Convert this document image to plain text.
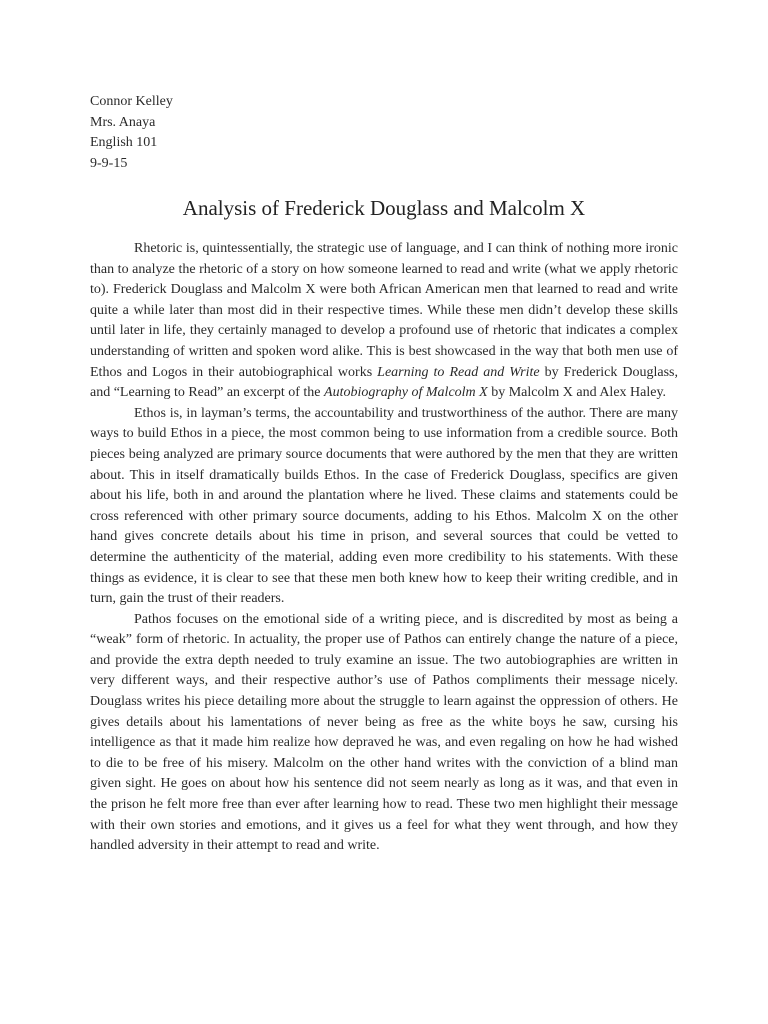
Connor Kelley

Mrs. Anaya

English 101

9-9-15

Analysis of Frederick Douglass and Malcolm X

Rhetoric is, quintessentially, the strategic use of language, and I can think of nothing more ironic than to analyze the rhetoric of a story on how someone learned to read and write (what we apply rhetoric to). Frederick Douglass and Malcolm X were both African American men that learned to read and write quite a while later than most did in their respective times. While these men didn’t develop these skills until later in life, they certainly managed to develop a profound use of rhetoric that indicates a complex understanding of written and spoken word alike. This is best showcased in the way that both men use of Ethos and Logos in their autobiographical works Learning to Read and Write by Frederick Douglass, and “Learning to Read” an excerpt of the Autobiography of Malcolm X by Malcolm X and Alex Haley.

Ethos is, in layman’s terms, the accountability and trustworthiness of the author. There are many ways to build Ethos in a piece, the most common being to use information from a credible source. Both pieces being analyzed are primary source documents that were authored by the men that they are written about. This in itself dramatically builds Ethos. In the case of Frederick Douglass, specifics are given about his life, both in and around the plantation where he lived. These claims and statements could be cross referenced with other primary source documents, adding to his Ethos. Malcolm X on the other hand gives concrete details about his time in prison, and several sources that could be vetted to determine the authenticity of the material, adding even more credibility to his statements. With these things as evidence, it is clear to see that these men both knew how to keep their writing credible, and in turn, gain the trust of their readers.

Pathos focuses on the emotional side of a writing piece, and is discredited by most as being a “weak” form of rhetoric. In actuality, the proper use of Pathos can entirely change the nature of a piece, and provide the extra depth needed to truly examine an issue. The two autobiographies are written in very different ways, and their respective author’s use of Pathos compliments their message nicely. Douglass writes his piece detailing more about the struggle to learn against the oppression of others. He gives details about his lamentations of never being as free as the white boys he saw, cursing his intelligence as that it made him realize how depraved he was, and even regaling on how he had wished to die to be free of his misery. Malcolm on the other hand writes with the conviction of a blind man given sight. He goes on about how his sentence did not seem nearly as long as it was, and that even in the prison he felt more free than ever after learning how to read. These two men highlight their message with their own stories and emotions, and it gives us a feel for what they went through, and how they handled adversity in their attempt to read and write.
